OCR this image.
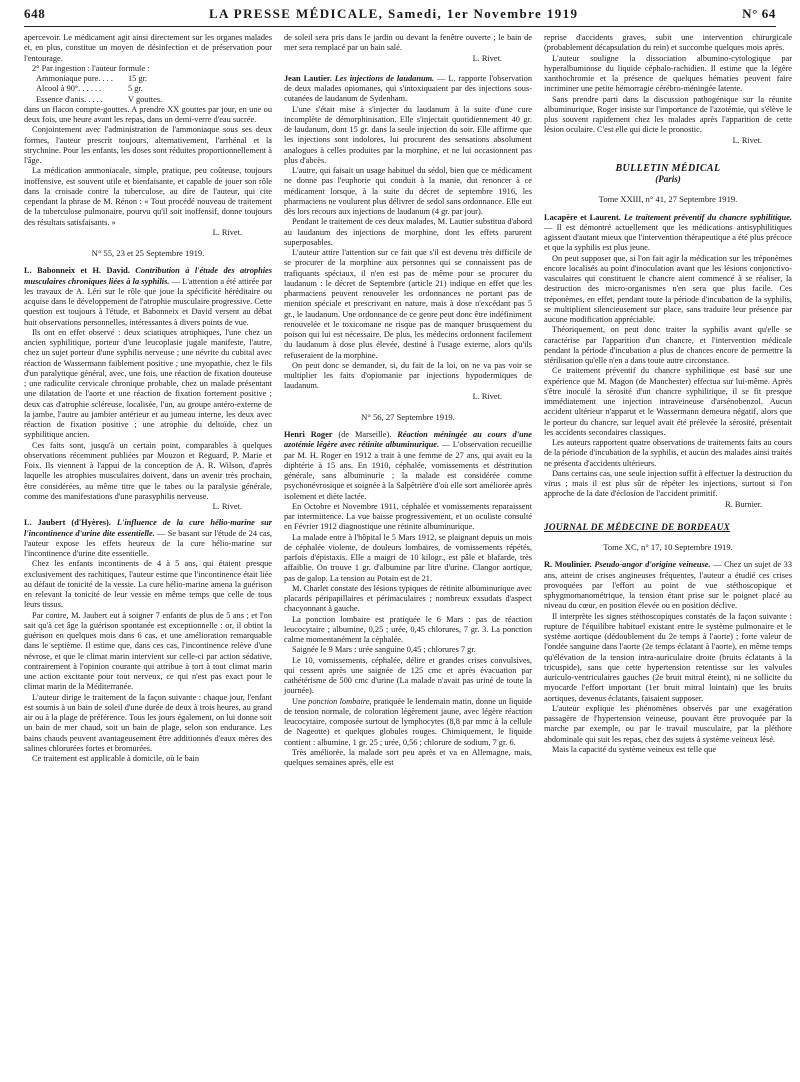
648	LA PRESSE MÉDICALE, Samedi, 1er Novembre 1919	N° 64

apercevoir. Le médicament agit ainsi directement sur les organes malades et, en plus, constitue un moyen de désinfection et de préservation pour l'entourage.

2° Par ingestion : l'auteur formule :

Ammoniaque pure. . . .	15 gr.
Alcool à 90°. . . . . .	5 gr.
Essence d'anis. . . . .	V gouttes.

dans un flacon compte-gouttes. A prendre XX gouttes par jour, en une ou deux fois, une heure avant les repas, dans un demi-verre d'eau sucrée.

Conjointement avec l'administration de l'ammoniaque sous ses deux formes, l'auteur prescrit toujours, alternativement, l'arrhénal et la strychnine. Pour les enfants, les doses sont réduites proportionnellement à l'âge.

La médication ammoniacale, simple, pratique, peu coûteuse, toujours inoffensive, est souvent utile et bienfaisante, et capable de jouer son rôle dans la croisade contre la tuberculose, au dire de l'auteur, qui cite cependant la phrase de M. Rénon : « Tout procédé nouveau de traitement de la tuberculose pulmonaire, pourvu qu'il soit inoffensif, donne toujours des résultats satisfaisants. »

L. Rivet.
N° 55, 23 et 25 Septembre 1919.

L. Babonneix et H. David. Contribution à l'étude des atrophies musculaires chroniques liées à la syphilis. — L'attention a été attirée par les travaux de A. Léri sur le rôle que joue la spécificité héréditaire ou acquise dans le développement de l'atrophie musculaire progressive. Cette question est toujours à l'étude, et Babonneix et David versent au débat huit observations personnelles, intéressantes à divers points de vue.

Ils ont en effet observé : deux sciatiques atrophiques, l'une chez un ancien syphilitique, porteur d'une leucoplasie jugale manifeste, l'autre, chez un sujet porteur d'une syphilis nerveuse ; une névrite du cubital avec réaction de Wassermann faiblement positive ; une myopathie, chez le fils d'un paralytique général, avec, une fois, une réaction de fixation douteuse ; une radiculite cervicale chronique probable, chez un malade présentant une dilatation de l'aorte et une réaction de fixation fortement positive ; deux cas d'atrophie scléreuse, localisée, l'un, au groupe antéro-externe de la jambe, l'autre au jambier antérieur et au jumeau interne, les deux avec réaction de fixation positive ; une atrophie du deltoïde, chez un syphilitique ancien.

Ces faits sont, jusqu'à un certain point, comparables à quelques observations récemment publiées par Mouzon et Reguard, P. Marie et Foix. Ils viennent à l'appui de la conception de A. R. Wilson, d'après laquelle les atrophies musculaires doivent, dans un avenir très prochain, être considérées, au même titre que le tabes ou la paralysie générale, comme des manifestations d'une parasyphilis nerveuse.

L. Rivet.

L. Jaubert (d'Hyères). L'influence de la cure hélio-marine sur l'incontinence d'urine dite essentielle. — Se basant sur l'étude de 24 cas, l'auteur expose les effets heureux de la cure hélio-marine sur l'incontinence d'urine dite essentielle.

Chez les enfants incontinents de 4 à 5 ans, qui étaient presque exclusivement des rachitiques, l'auteur estime que l'incontinence était liée au défaut de tonicité de la vessie. La cure hélio-marine amena la guérison en relevant la tonicité de leur vessie en même temps que celle de tous leurs tissus.

Par contre, M. Jaubert eut à soigner 7 enfants de plus de 5 ans ; et l'on sait qu'à cet âge la guérison spontanée est exceptionnelle : or, il obtint la guérison en quelques mois dans 6 cas, et une amélioration remarquable dans le septième. Il estime que, dans ces cas, l'incontinence relève d'une névrose, et que le climat marin intervient sur celle-ci par action sédative, contrairement à l'opinion courante qui attribue à tort à tout climat marin une action excitante pour tout nerveux, ce qui n'est pas exact pour le climat marin de la Méditerranée.

L'auteur dirige le traitement de la façon suivante : chaque jour, l'enfant est soumis à un bain de soleil d'une durée de deux à trois heures, au grand air ou à la plage de préférence. Tous les jours également, on lui donne soit un bain de mer chaud, soit un bain de plage, selon son endurance. Les bains chauds peuvent avantageusement être additionnés d'eaux mères des salines chlorurées fortes et bromurées.

Ce traitement est applicable à domicile, où le bain

de soleil sera pris dans le jardin ou devant la fenêtre ouverte ; le bain de mer sera remplacé par un bain salé.

L. Rivet.

Jean Lautier. Les injections de laudanum. — L. rapporte l'observation de deux malades opiomanes, qui s'intoxiquaient par des injections sous-cutanées de laudanum de Sydenham.

L'une s'était mise à s'injecter du laudanum à la suite d'une cure incomplète de démorphinisation. Elle s'injectait quotidiennement 40 gr. de laudanum, dont 15 gr. dans la seule injection du soir. Elle affirme que les injections sont indolores, lui procurent des sensations absolument analogues à celles produites par la morphine, et ne lui occasionnent pas plus d'abcès.

L'autre, qui faisait un usage habituel du sédol, bien que ce médicament ne donne pas l'euphorie qui conduit à la manie, dut renoncer à ce médicament lorsque, à la suite du décret de septembre 1916, les pharmaciens ne voulurent plus délivrer de sedol sans ordonnance. Elle eut dès lors recours aux injections de laudanum (4 gr. par jour).

Pendant le traitement de ces deux malades, M. Lautier substitua d'abord au laudanum des injections de morphine, dont les effets parurent superposables.

L'auteur attire l'attention sur ce fait que s'il est devenu très difficile de se procurer de la morphine aux personnes qui se connaissent pas de trafiquants spéciaux, il n'en est pas de même pour se procurer du laudanum : le décret de Septembre (article 21) indique en effet que les pharmaciens peuvent renouveler les ordonnances ne portant pas de mention spéciale et prescrivant en nature, mais à dose n'excédant pas 5 gr., le laudanum. Une ordonnance de ce genre peut donc être indéfiniment renouvelée et le toxicomane ne risque pas de manquer brusquement du poison qui lui est nécessaire. De plus, les médecins ordonnent facilement du laudanum à dose plus élevée, destiné à l'usage externe, alors qu'ils refuseraient de la morphine.

On peut donc se demander, si, du fait de la loi, on ne va pas voir se multiplier les faits d'opiomanie par injections hypodermiques de laudanum.

L. Rivet.
N° 56, 27 Septembre 1919.

Henri Roger (de Marseille). Réaction méningée au cours d'une azotémie légère avec rétinite albuminurique. — L'observation recueillie par M. H. Roger en 1912 a trait à une femme de 27 ans, qui avait eu la diphtérie à 15 ans. En 1910, céphalée, vomissements et déstritution générale, sans albuminurie ; la malade est considérée comme psychonévrosique et soignée à la Salpêtrière d'où elle sort améliorée après isolement et diète lactée.

En Octobre et Novembre 1911, céphalée et vomissements reparaissent par intermittence. La vue baisse progressivement, et un oculiste consulté en Février 1912 diagnostique une rétinite albuminurique.

La malade entre à l'hôpital le 5 Mars 1912, se plaignant depuis un mois de céphalée violente, de douleurs lombaires, de vomissements répétés, parfois d'épistaxis. Elle a maigri de 10 kilogr., est pâle et blafarde, très affaiblie. On trouve 1 gr. d'albumine par litre d'urine. Clangor aortique, pas de galop. La tension au Potain est de 21.

M. Charlet constate des lésions typiques de rétinite albuminurique avec placards péripapillaires et périmaculaires ; nombreux exsudats d'aspect chacyonnant à gauche.

La ponction lombaire est pratiquée le 6 Mars : pas de réaction leucocytaire ; albumine, 0,25 ; urée, 0,45 chlorures, 7 gr. 3. La ponction calme momentanément la céphalée.

Saignée le 9 Mars : urée sanguine 0,45 ; chlorures 7 gr.

Le 10, vomissements, céphalée, délire et grandes crises convulsives, qui cessent après une saignée de 125 cmc et après évacuation par cathétérisme de 500 cmc d'urine (La malade n'avait pas uriné de toute la journée).

Une ponction lombaire, pratiquée le lendemain matin, donne un liquide de tension normale, de coloration légèrement jaune, avec légère réaction leucocytaire, composée surtout de lymphocytes (8,8 par mmc à la cellule de Nageotte) et quelques globules rouges. Chimiquement, le liquide contient : albumine, 1 gr. 25 ; urée, 0,56 ; chlorure de sodium, 7 gr. 6.

Très améliorée, la malade sort peu après et va en Allemagne, mais, quelques semaines après, elle est

reprise d'accidents graves, subit une intervention chirurgicale (probablement décapsulation du rein) et succombe quelques mois après.

L'auteur souligne la dissociation albumino-cytologique par hyperalbuminose du liquide céphalo-rachidien. Il estime que la légère xanthochromie et la présence de quelques hématies peuvent faire incriminer une petite hémorragie cérébro-méningée latente.

Sans prendre parti dans la discussion pathogénique sur la réunite albuminurique, Roger insiste sur l'importance de l'azotémie, qui s'élève le plus souvent rapidement chez les malades après l'apparition de cette lésion oculaire. C'est elle qui dicte le pronostic.

L. Rivet.
BULLETIN MÉDICAL
(Paris)
Tome XXIII, n° 41, 27 Septembre 1919.

Lacapère et Laurent. Le traitement préventif du chancre syphilitique. — Il est démontré actuellement que les médications antisyphilitiques agissent d'autant mieux que l'intervention thérapeutique a été plus précoce et que la syphilis est plus jeune.

On peut supposer que, si l'on fait agir la médication sur les tréponèmes encore localisés au point d'inoculation avant que les lésions conjonctivo-vasculaires qui constituent le chancre aient commencé à se réaliser, la destruction des micro-organismes n'en sera que plus facile. Ces tréponèmes, en effet, pendant toute la période d'incubation de la syphilis, se multiplient silencieusement sur place, sans traduire leur présence par aucune modification appréciable.

Théoriquement, on peut donc traiter la syphilis avant qu'elle se caractérise par l'apparition d'un chancre, et l'intervention médicale pendant la période d'incubation a plus de chances encore de permettre la stérilisation qu'elle n'en a dans toute autre circonstance.

Ce traitement préventif du chancre syphilitique est basé sur une expérience que M. Magon (de Manchester) effectua sur lui-même. Après s'être inoculé la sérosité d'un chancre syphilitique, il se fit presque immédiatement une injection intraveineuse d'arsénobenzol. Aucun accident ultérieur n'apparut et le Wassermann demeura négatif, alors que le porteur du chancre, sur lequel avait été prélevée la sérosité, présentait les accidents secondaires classiques.

Les auteurs rapportent quatre observations de traitements faits au cours de la période d'incubation de la syphilis, et aucun des malades ainsi traités ne présenta d'accidents ultérieurs.

Dans certains cas, une seule injection suffit à effectuer la destruction du virus ; mais il est plus sûr de répéter les injections, surtout si l'on approche de la date d'éclosion de l'accident primitif.

R. Burnier.
JOURNAL DE MÉDECINE DE BORDEAUX
Tome XC, n° 17, 10 Septembre 1919.

R. Moulinier. Pseudo-angor d'origine veineuse. — Chez un sujet de 33 ans, atteint de crises angineuses fréquentes, l'auteur a étudié ces crises provoquées par l'effort au point de vue stéthoscopique et sphygmomanométrique, la tension étant prise sur le poignet placé au niveau du cœur, en position élevée ou en position déclive.

Il interprète les signes stéthoscopiques constatés de la façon suivante : rupture de l'équilibre habituel existant entre le système pulmonaire et le système aortique (dédoublement du 2e temps à l'aorte) ; forte valeur de l'ondée sanguine dans l'aorte (2e temps éclatant à l'aorte), en même temps qu'élévation de la tension intra-auriculaire droite (bruits éclatants à la tricuspide), sans que cette hypertension retentisse sur les valvules auriculo-ventriculaires gauches (2e bruit mitral éteint), ni ne sollicite du myocarde l'effort important (1er bruit mitral lointain) que les bruits aortiques, devenus éclatants, faisaient supposer.

L'auteur explique les phénomènes observés par une exagération passagère de l'hypertension veineuse, pouvant être provoquée par la marche par exemple, ou par le travail musculaire, par la pléthore abdominale qui suit les repas, chez des sujets à système veineux lésé.

Mais la capacité du système veineux est telle que
